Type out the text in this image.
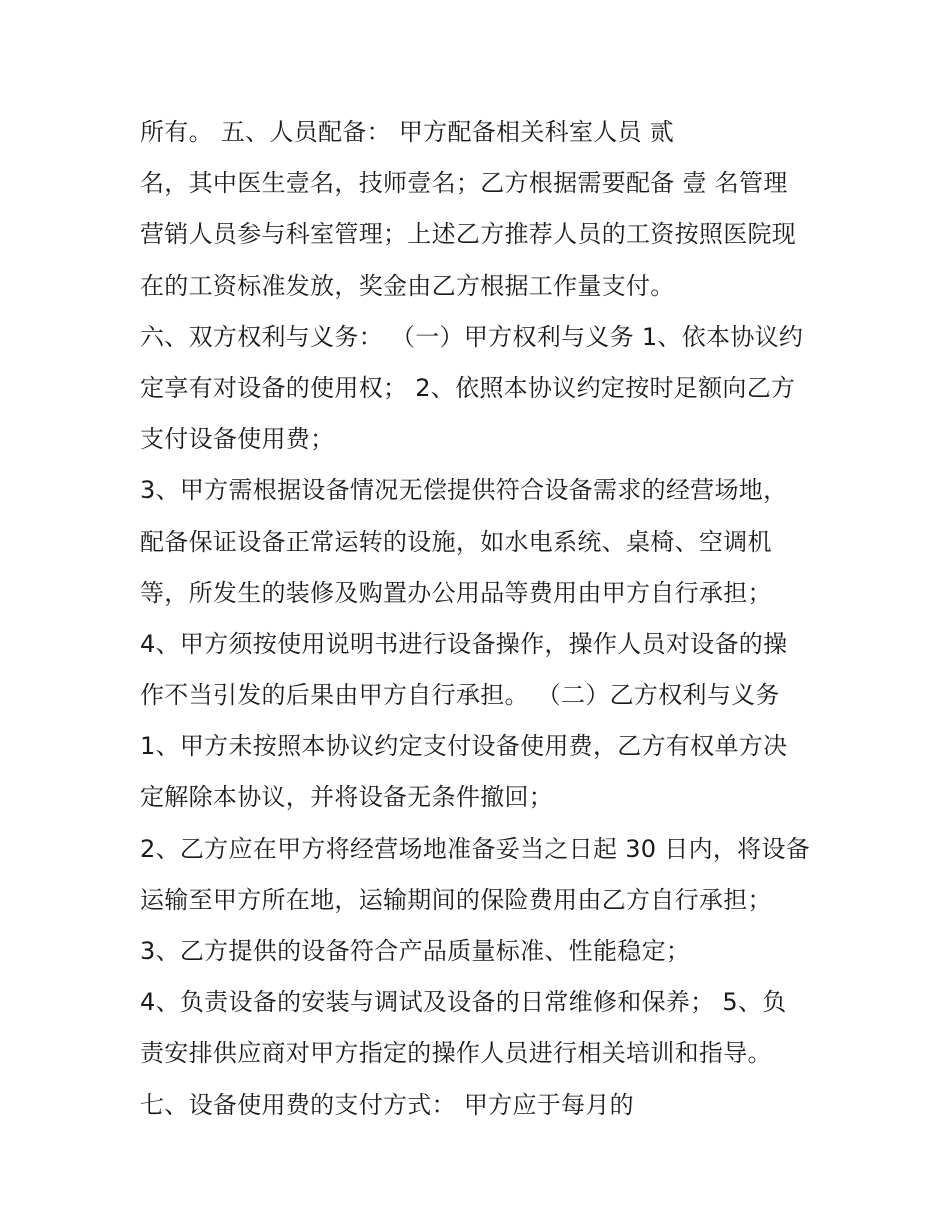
所有。 五、人员配备： 甲方配备相关科室人员 贰
名，其中医生壹名，技师壹名；乙方根据需要配备 壹 名管理
营销人员参与科室管理；上述乙方推荐人员的工资按照医院现
在的工资标准发放，奖金由乙方根据工作量支付。
六、双方权利与义务： （一）甲方权利与义务 1、依本协议约
定享有对设备的使用权； 2、依照本协议约定按时足额向乙方
支付设备使用费；
3、甲方需根据设备情况无偿提供符合设备需求的经营场地，
配备保证设备正常运转的设施，如水电系统、桌椅、空调机
等，所发生的装修及购置办公用品等费用由甲方自行承担；
4、甲方须按使用说明书进行设备操作，操作人员对设备的操
作不当引发的后果由甲方自行承担。 （二）乙方权利与义务
1、甲方未按照本协议约定支付设备使用费，乙方有权单方决
定解除本协议，并将设备无条件撤回；
2、乙方应在甲方将经营场地准备妥当之日起 30 日内，将设备
运输至甲方所在地，运输期间的保险费用由乙方自行承担；
3、乙方提供的设备符合产品质量标准、性能稳定；
4、负责设备的安装与调试及设备的日常维修和保养； 5、负
责安排供应商对甲方指定的操作人员进行相关培训和指导。
七、设备使用费的支付方式： 甲方应于每月的
